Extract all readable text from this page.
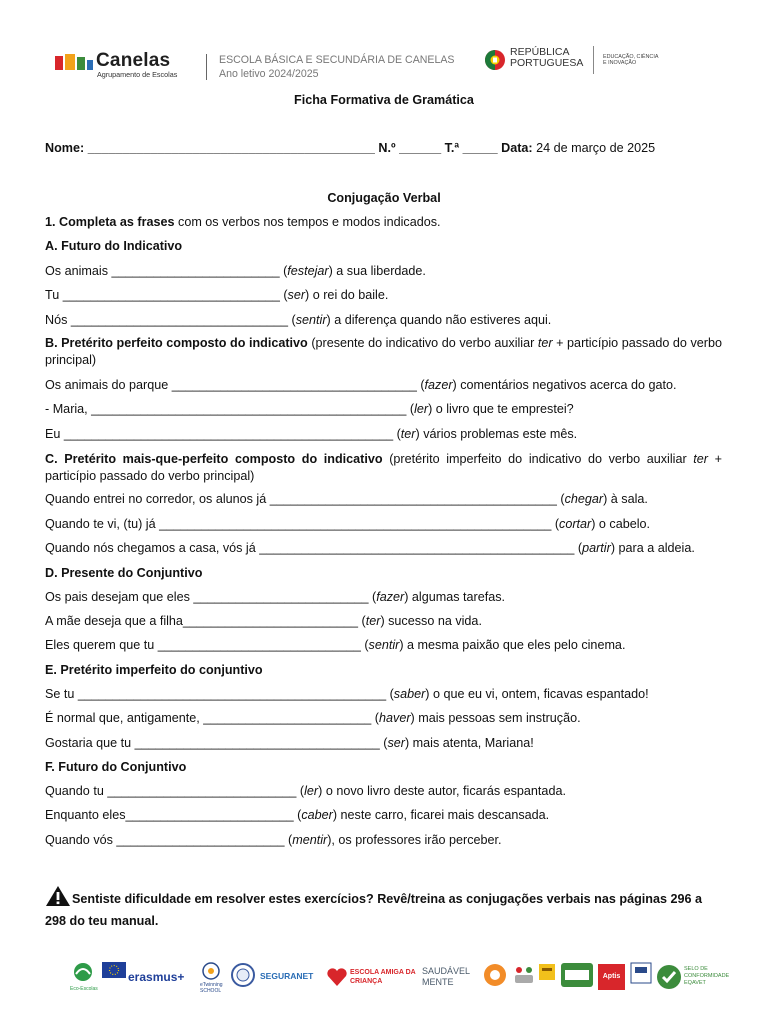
Canelas
Agrupamento de Escolas
ESCOLA BÁSICA E SECUNDÁRIA DE CANELAS
Ano letivo 2024/2025
REPÚBLICA
PORTUGUESA	EDUCAÇÃO, CIÊNCIA
E INOVAÇÃO
Ficha Formativa de Gramática
Nome: _________________________________________ N.º ______ T.ª _____ Data: 24 de março de 2025
Conjugação Verbal
1. Completa as frases com os verbos nos tempos e modos indicados.
A. Futuro do Indicativo
Os animais ________________________ (festejar) a sua liberdade.
Tu _______________________________ (ser) o rei do baile.
Nós _______________________________ (sentir) a diferença quando não estiveres aqui.
B. Pretérito perfeito composto do indicativo (presente do indicativo do verbo auxiliar ter + particípio passado do verbo principal)
Os animais do parque ___________________________________ (fazer) comentários negativos acerca do gato.
- Maria, _____________________________________________ (ler) o livro que te emprestei?
Eu _______________________________________________ (ter) vários problemas este mês.
C. Pretérito mais-que-perfeito composto do indicativo (pretérito imperfeito do indicativo do verbo auxiliar ter + particípio passado do verbo principal)
Quando entrei no corredor, os alunos já _________________________________________ (chegar) à sala.
Quando te vi, (tu) já ________________________________________________________ (cortar) o cabelo.
Quando nós chegamos a casa, vós já _____________________________________________ (partir) para a aldeia.
D. Presente do Conjuntivo
Os pais desejam que eles _________________________ (fazer) algumas tarefas.
A mãe deseja que a filha_________________________ (ter) sucesso na vida.
Eles querem que tu _____________________________ (sentir) a mesma paixão que eles pelo cinema.
E. Pretérito imperfeito do conjuntivo
Se tu ____________________________________________ (saber) o que eu vi, ontem, ficavas espantado!
É normal que, antigamente, ________________________ (haver) mais pessoas sem instrução.
Gostaria que tu ___________________________________ (ser) mais atenta, Mariana!
F. Futuro do Conjuntivo
Quando tu ___________________________ (ler) o novo livro deste autor, ficarás espantada.
Enquanto eles________________________ (caber) neste carro, ficarei mais descansada.
Quando vós ________________________ (mentir), os professores irão perceber.
Sentiste dificuldade em resolver estes exercícios? Revê/treina as conjugações verbais nas páginas 296 a 298 do teu manual.
Eco-Escolas
erasmus+
eTwinning SCHOOL
SEGURANET	ESCOLA AMIGA DA CRIANÇA
SAUDÁVEL MENTE
Aptis
SELO DE CONFORMIDADE EQAVET
